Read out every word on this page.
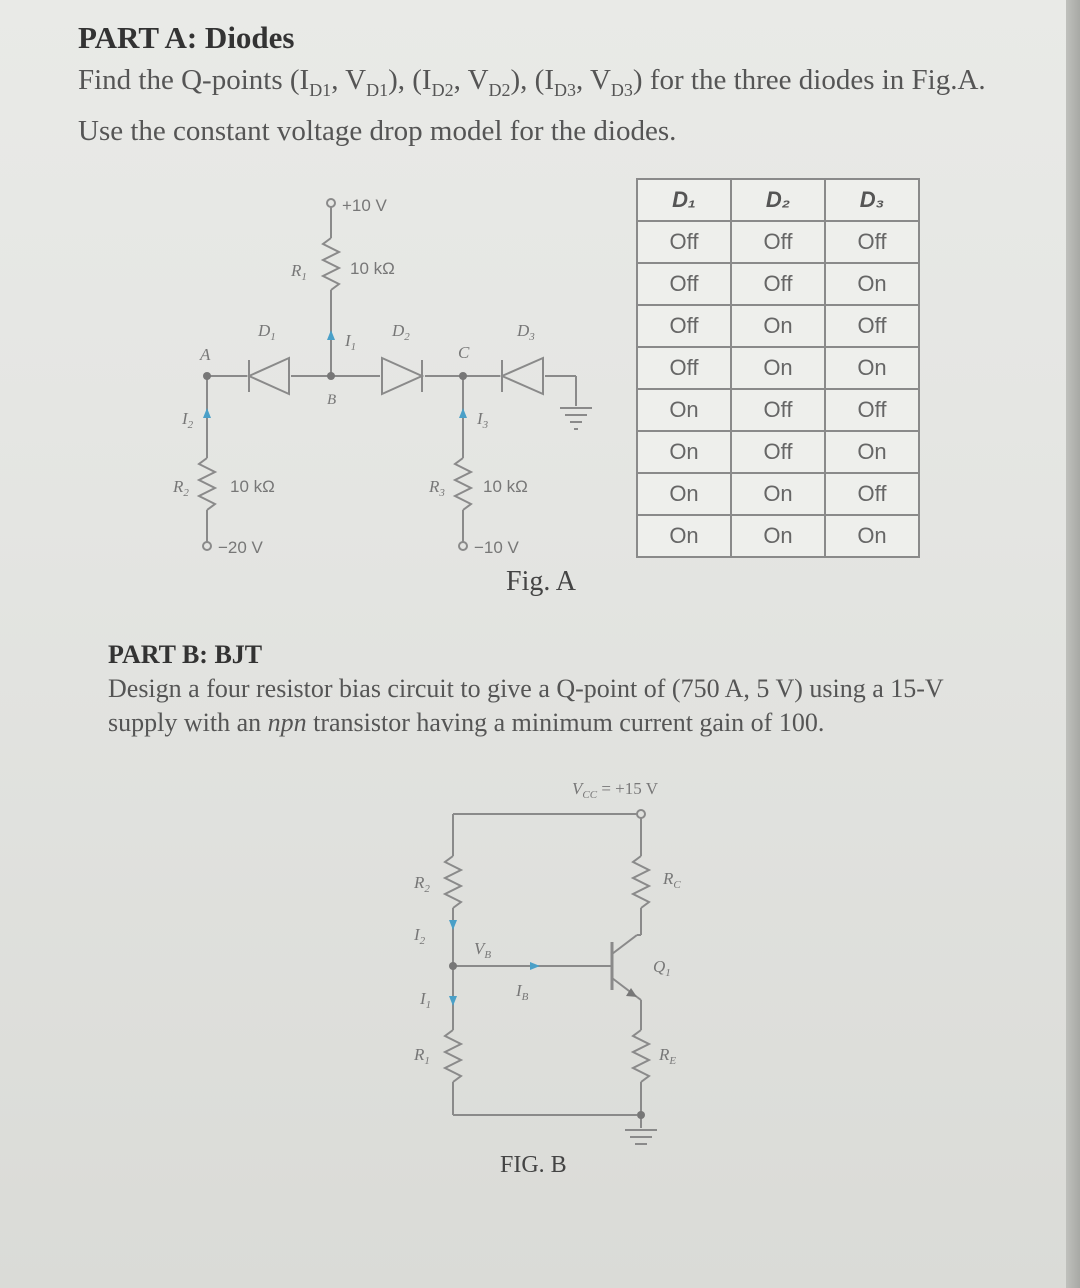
PART A: Diodes
Find the Q-points ($I_{D1}$, $V_{D1}$), ($I_{D2}$, $V_{D2}$), ($I_{D3}$, $V_{D3}$) for the three diodes in Fig.A. Use the constant voltage drop model for the diodes.
+10 V
$R_1$	10 kΩ
$D_1$	$D_2$	$D_3$
$I_1$
A
B
C
$I_2$	$I_3$
$R_2$ 10 kΩ	$R_3$ 10 kΩ
−20 V	−10 V
D₁	D₂	D₃
Off	Off	Off
Off	Off	On
Off	On	Off
Off	On	On
On	Off	Off
On	Off	On
On	On	Off
On	On	On
Fig. A
PART B: BJT
Design a four resistor bias circuit to give a Q-point of (750 A, 5 V) using a 15-V supply with an npn transistor having a minimum current gain of 100.
$V_{CC} = +15$ V
$R_2$
$I_2$	$V_B$
$I_B$
$I_1$
$R_1$
$R_C$
$Q_1$
$R_E$
FIG. B
